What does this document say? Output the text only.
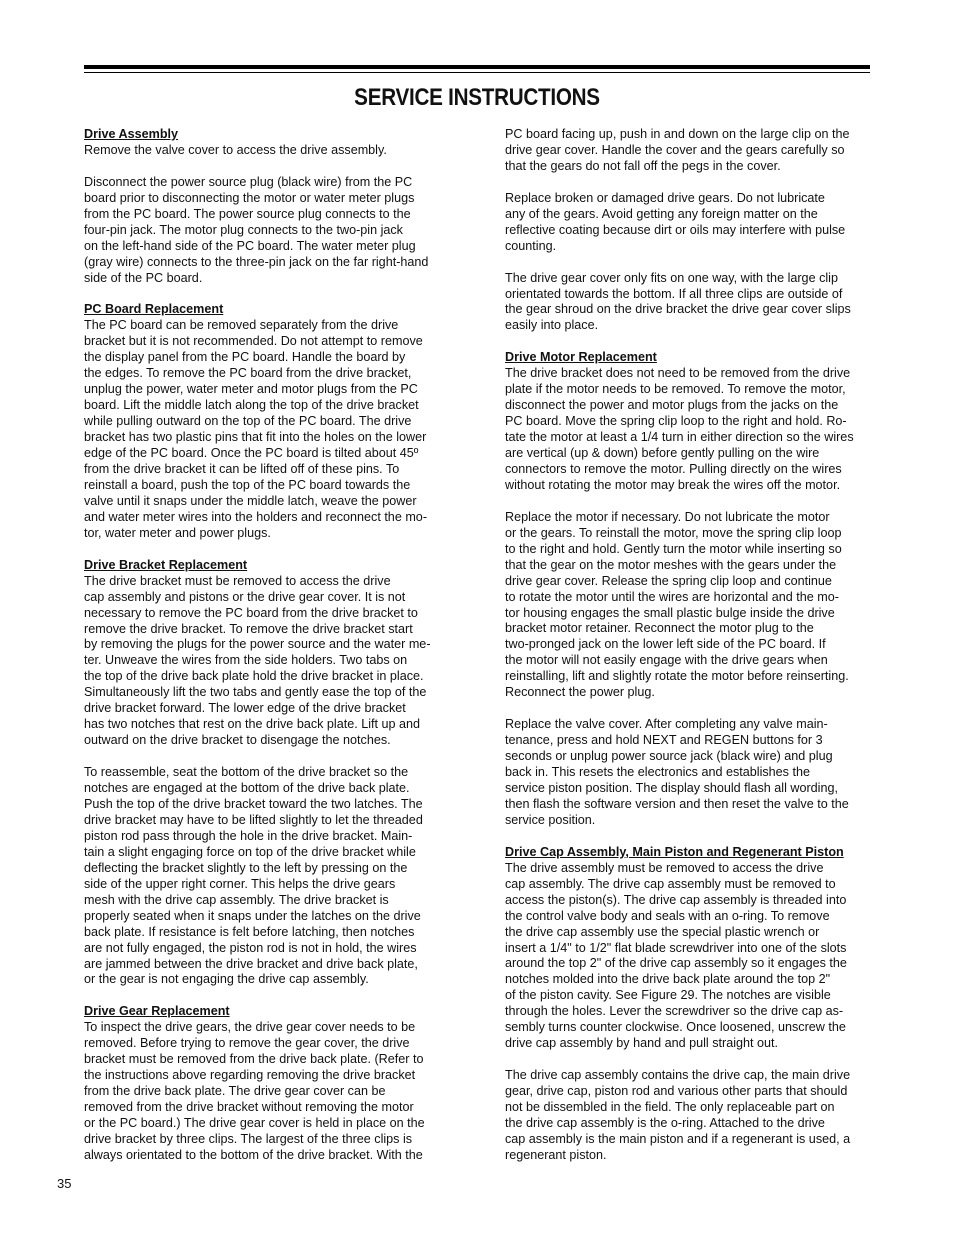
SERVICE INSTRUCTIONS
Drive Assembly
Remove the valve cover to access the drive assembly.
Disconnect the power source plug (black wire) from the PC
board prior to disconnecting the motor or water meter plugs
from the PC board. The power source plug connects to the
four-pin jack. The motor plug connects to the two-pin jack
on the left-hand side of the PC board. The water meter plug
(gray wire) connects to the three-pin jack on the far right-hand
side of the PC board.
PC Board Replacement
The PC board can be removed separately from the drive
bracket but it is not recommended. Do not attempt to remove
the display panel from the PC board. Handle the board by
the edges. To remove the PC board from the drive bracket,
unplug the power, water meter and motor plugs from the PC
board. Lift the middle latch along the top of the drive bracket
while pulling outward on the top of the PC board. The drive
bracket has two plastic pins that fit into the holes on the lower
edge of the PC board. Once the PC board is tilted about 45º
from the drive bracket it can be lifted off of these pins. To
reinstall a board, push the top of the PC board towards the
valve until it snaps under the middle latch, weave the power
and water meter wires into the holders and reconnect the mo-
tor, water meter and power plugs.
Drive Bracket Replacement
The drive bracket must be removed to access the drive
cap assembly and pistons or the drive gear cover. It is not
necessary to remove the PC board from the drive bracket to
remove the drive bracket. To remove the drive bracket start
by removing the plugs for the power source and the water me-
ter. Unweave the wires from the side holders. Two tabs on
the top of the drive back plate hold the drive bracket in place.
Simultaneously lift the two tabs and gently ease the top of the
drive bracket forward. The lower edge of the drive bracket
has two notches that rest on the drive back plate. Lift up and
outward on the drive bracket to disengage the notches.
To reassemble, seat the bottom of the drive bracket so the
notches are engaged at the bottom of the drive back plate.
Push the top of the drive bracket toward the two latches. The
drive bracket may have to be lifted slightly to let the threaded
piston rod pass through the hole in the drive bracket. Main-
tain a slight engaging force on top of the drive bracket while
deflecting the bracket slightly to the left by pressing on the
side of the upper right corner. This helps the drive gears
mesh with the drive cap assembly. The drive bracket is
properly seated when it snaps under the latches on the drive
back plate. If resistance is felt before latching, then notches
are not fully engaged, the piston rod is not in hold, the wires
are jammed between the drive bracket and drive back plate,
or the gear is not engaging the drive cap assembly.
Drive Gear Replacement
To inspect the drive gears, the drive gear cover needs to be
removed. Before trying to remove the gear cover, the drive
bracket must be removed from the drive back plate. (Refer to
the instructions above regarding removing the drive bracket
from the drive back plate. The drive gear cover can be
removed from the drive bracket without removing the motor
or the PC board.) The drive gear cover is held in place on the
drive bracket by three clips. The largest of the three clips is
always orientated to the bottom of the drive bracket. With the
PC board facing up, push in and down on the large clip on the
drive gear cover. Handle the cover and the gears carefully so
that the gears do not fall off the pegs in the cover.
Replace broken or damaged drive gears. Do not lubricate
any of the gears. Avoid getting any foreign matter on the
reflective coating because dirt or oils may interfere with pulse
counting.
The drive gear cover only fits on one way, with the large clip
orientated towards the bottom. If all three clips are outside of
the gear shroud on the drive bracket the drive gear cover slips
easily into place.
Drive Motor Replacement
The drive bracket does not need to be removed from the drive
plate if the motor needs to be removed. To remove the motor,
disconnect the power and motor plugs from the jacks on the
PC board. Move the spring clip loop to the right and hold. Ro-
tate the motor at least a 1/4 turn in either direction so the wires
are vertical (up & down) before gently pulling on the wire
connectors to remove the motor. Pulling directly on the wires
without rotating the motor may break the wires off the motor.
Replace the motor if necessary. Do not lubricate the motor
or the gears. To reinstall the motor, move the spring clip loop
to the right and hold. Gently turn the motor while inserting so
that the gear on the motor meshes with the gears under the
drive gear cover. Release the spring clip loop and continue
to rotate the motor until the wires are horizontal and the mo-
tor housing engages the small plastic bulge inside the drive
bracket motor retainer. Reconnect the motor plug to the
two-pronged jack on the lower left side of the PC board. If
the motor will not easily engage with the drive gears when
reinstalling, lift and slightly rotate the motor before reinserting.
Reconnect the power plug.
Replace the valve cover. After completing any valve main-
tenance, press and hold NEXT and REGEN buttons for 3
seconds or unplug power source jack (black wire) and plug
back in. This resets the electronics and establishes the
service piston position. The display should flash all wording,
then flash the software version and then reset the valve to the
service position.
Drive Cap Assembly, Main Piston and Regenerant Piston
The drive assembly must be removed to access the drive
cap assembly. The drive cap assembly must be removed to
access the piston(s). The drive cap assembly is threaded into
the control valve body and seals with an o-ring. To remove
the drive cap assembly use the special plastic wrench or
insert a 1/4" to 1/2" flat blade screwdriver into one of the slots
around the top 2" of the drive cap assembly so it engages the
notches molded into the drive back plate around the top 2"
of the piston cavity. See Figure 29. The notches are visible
through the holes. Lever the screwdriver so the drive cap as-
sembly turns counter clockwise. Once loosened, unscrew the
drive cap assembly by hand and pull straight out.
The drive cap assembly contains the drive cap, the main drive
gear, drive cap, piston rod and various other parts that should
not be dissembled in the field. The only replaceable part on
the drive cap assembly is the o-ring. Attached to the drive
cap assembly is the main piston and if a regenerant is used, a
regenerant piston.
35
